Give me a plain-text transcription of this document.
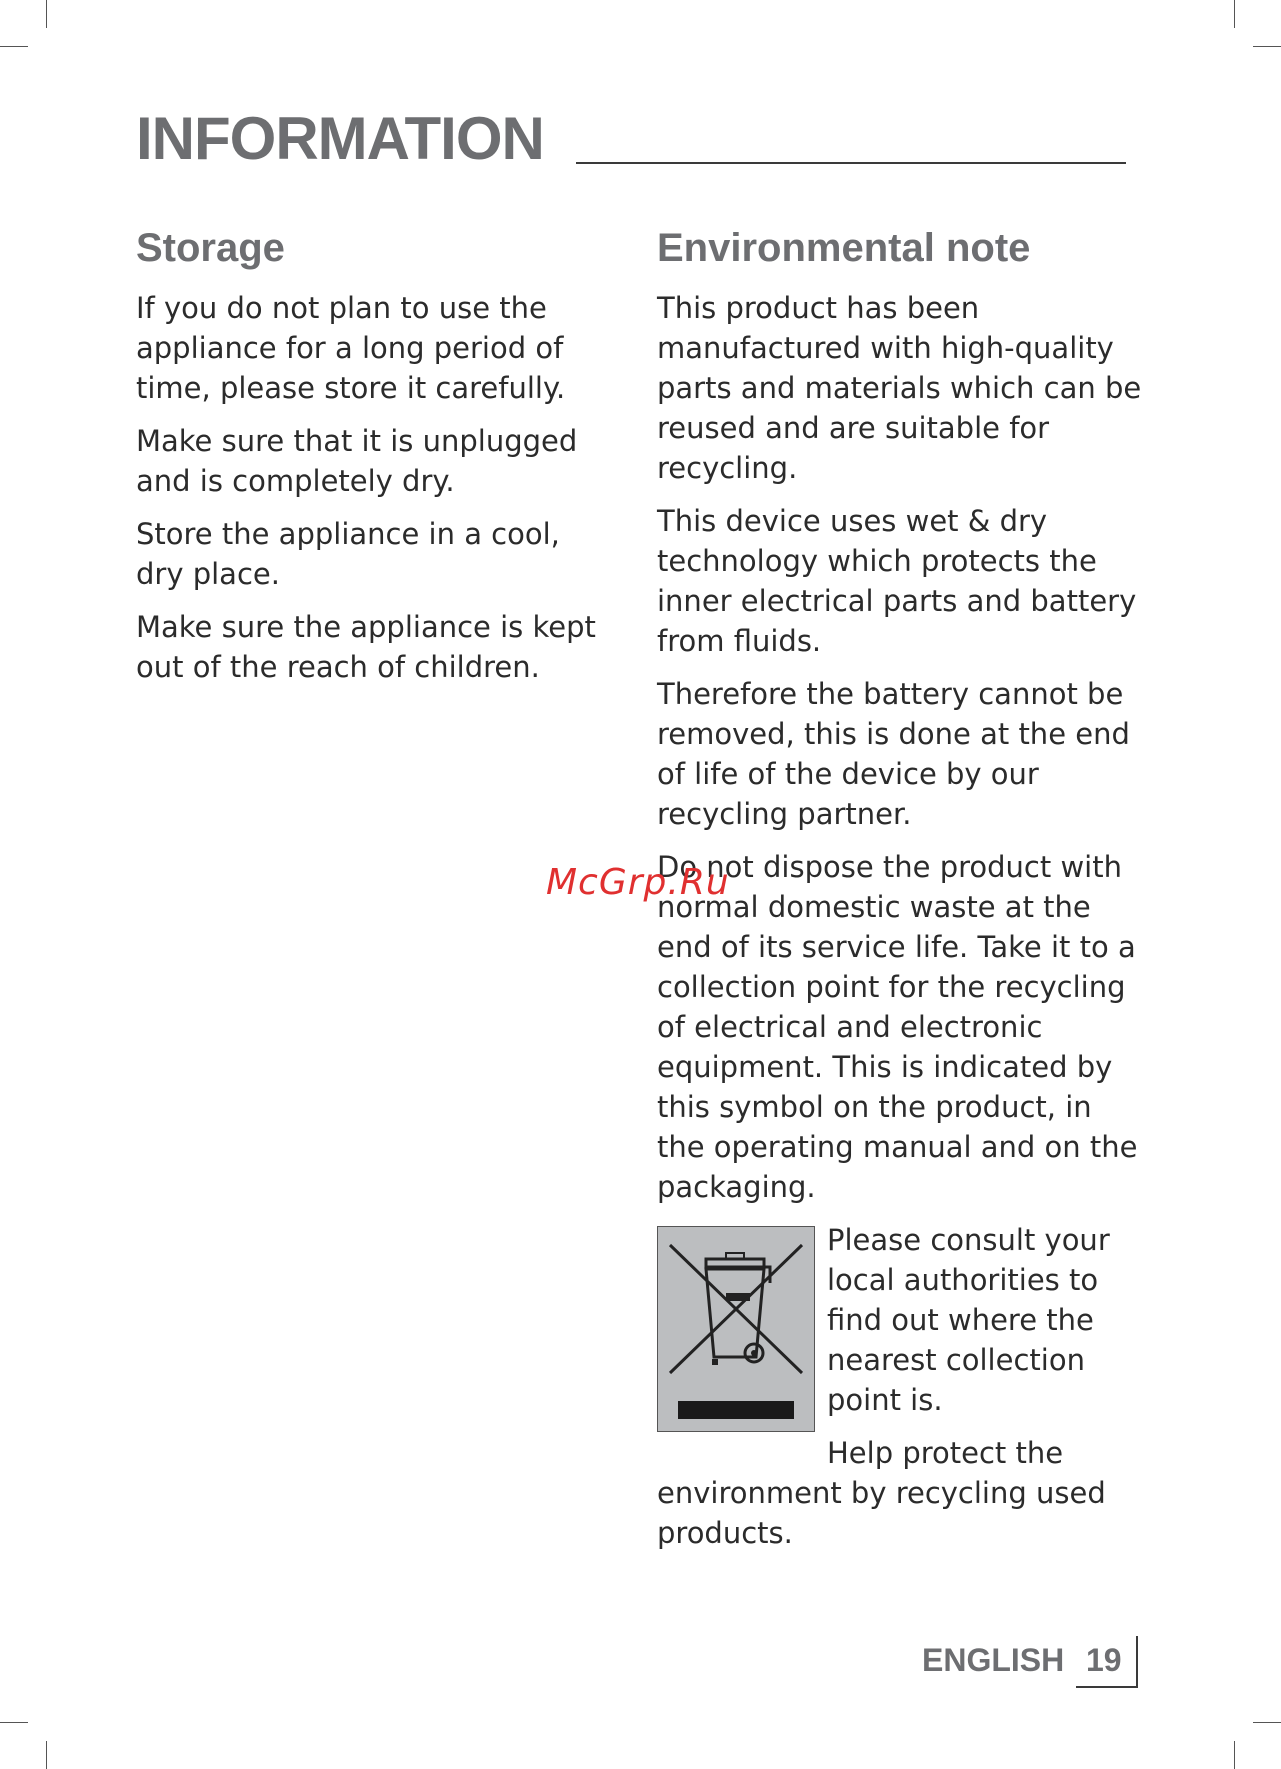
INFORMATION
Storage

If you do not plan to use the appliance for a long period of time, please store it carefully.

Make sure that it is unplugged and is completely dry.

Store the appliance in a cool, dry place.

Make sure the appliance is kept out of the reach of children.

Environmental note

This product has been manufactured with high-quality parts and materials which can be reused and are suitable for recycling.

This device uses wet & dry technology which protects the inner electrical parts and battery from fluids.

Therefore the battery cannot be removed, this is done at the end of life of the device by our recycling partner.

Do not dispose the product with normal domestic waste at the end of its service life. Take it to a collection point for the recycling of electrical and electronic equipment. This is indicated by this symbol on the product, in the operating manual and on the packaging.

Please consult your local authorities to find out where the nearest collection point is.

Help protect the environment by recycling used products.

McGrp.Ru
ENGLISH 19
